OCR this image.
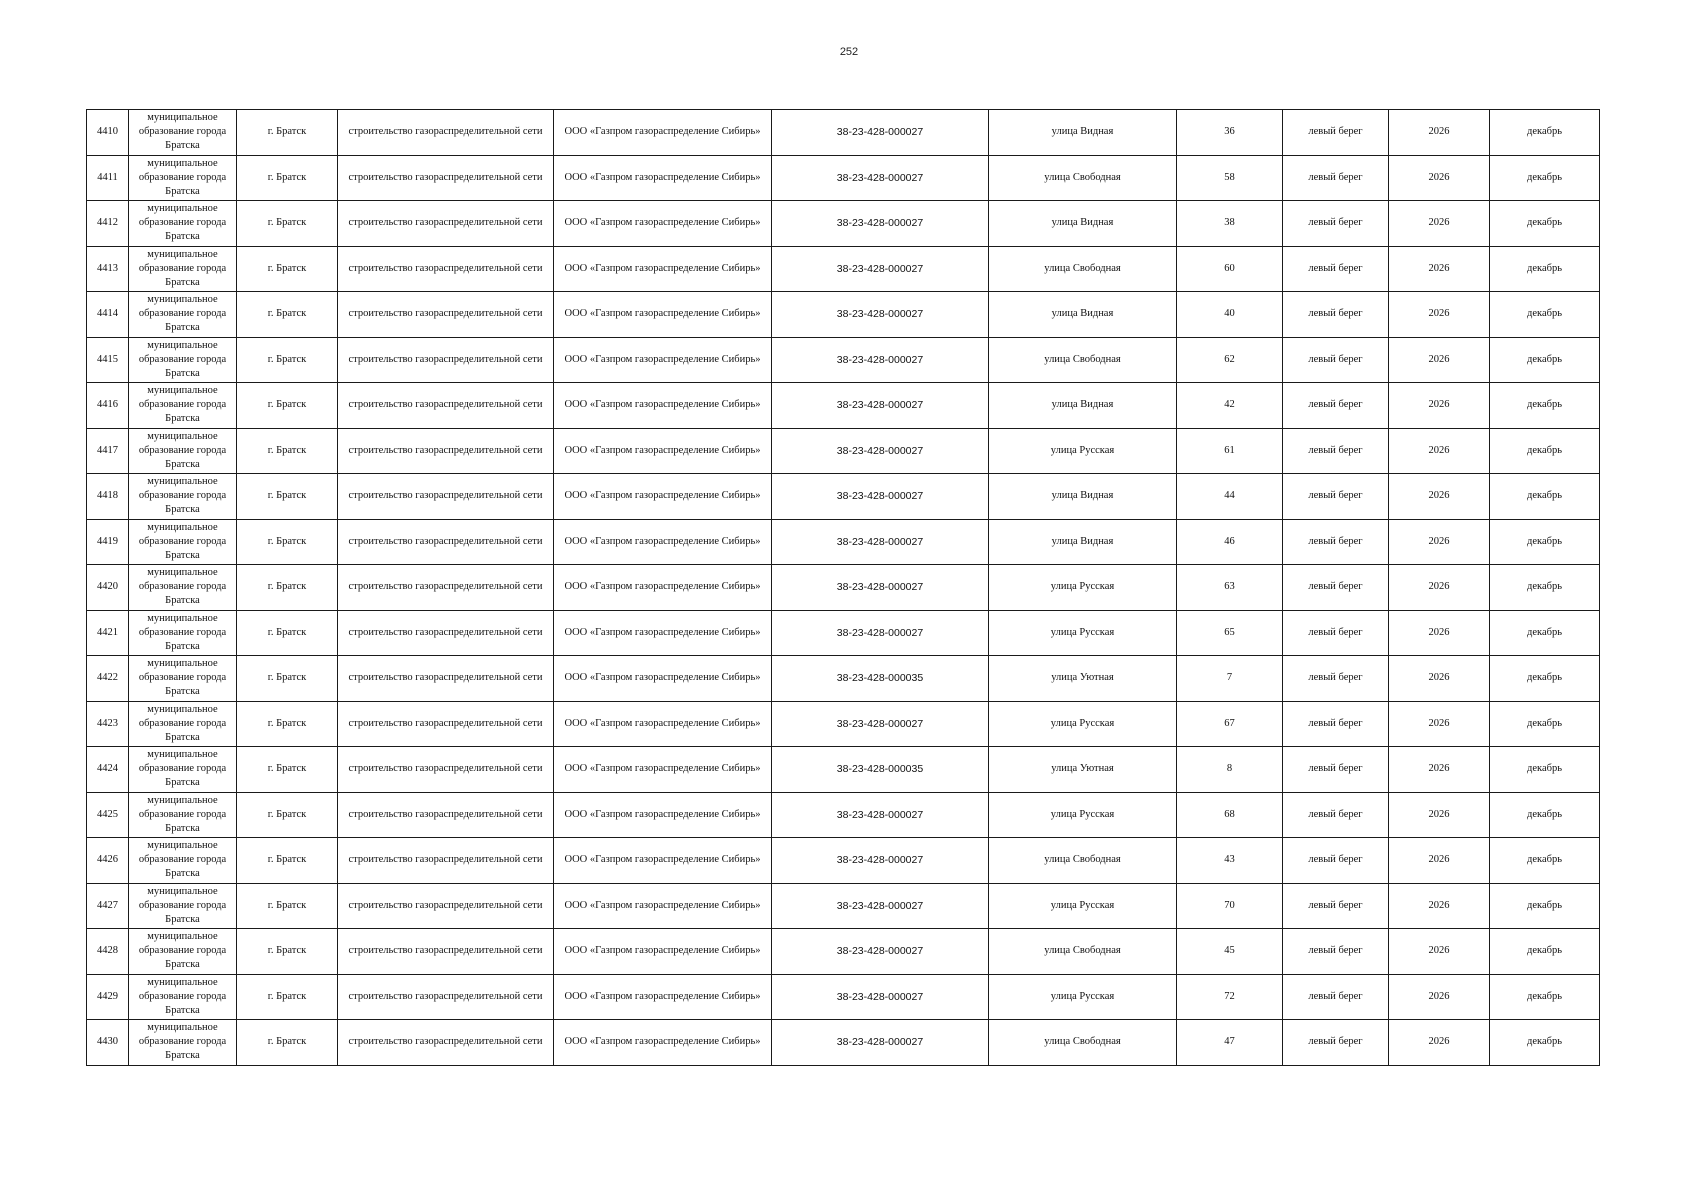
252
4410	муниципальное образование города Братска	г. Братск	строительство газораспределительной сети	ООО «Газпром газораспределение Сибирь»	38-23-428-000027	улица Видная	36	левый берег	2026	декабрь
4411	муниципальное образование города Братска	г. Братск	строительство газораспределительной сети	ООО «Газпром газораспределение Сибирь»	38-23-428-000027	улица Свободная	58	левый берег	2026	декабрь
4412	муниципальное образование города Братска	г. Братск	строительство газораспределительной сети	ООО «Газпром газораспределение Сибирь»	38-23-428-000027	улица Видная	38	левый берег	2026	декабрь
4413	муниципальное образование города Братска	г. Братск	строительство газораспределительной сети	ООО «Газпром газораспределение Сибирь»	38-23-428-000027	улица Свободная	60	левый берег	2026	декабрь
4414	муниципальное образование города Братска	г. Братск	строительство газораспределительной сети	ООО «Газпром газораспределение Сибирь»	38-23-428-000027	улица Видная	40	левый берег	2026	декабрь
4415	муниципальное образование города Братска	г. Братск	строительство газораспределительной сети	ООО «Газпром газораспределение Сибирь»	38-23-428-000027	улица Свободная	62	левый берег	2026	декабрь
4416	муниципальное образование города Братска	г. Братск	строительство газораспределительной сети	ООО «Газпром газораспределение Сибирь»	38-23-428-000027	улица Видная	42	левый берег	2026	декабрь
4417	муниципальное образование города Братска	г. Братск	строительство газораспределительной сети	ООО «Газпром газораспределение Сибирь»	38-23-428-000027	улица Русская	61	левый берег	2026	декабрь
4418	муниципальное образование города Братска	г. Братск	строительство газораспределительной сети	ООО «Газпром газораспределение Сибирь»	38-23-428-000027	улица Видная	44	левый берег	2026	декабрь
4419	муниципальное образование города Братска	г. Братск	строительство газораспределительной сети	ООО «Газпром газораспределение Сибирь»	38-23-428-000027	улица Видная	46	левый берег	2026	декабрь
4420	муниципальное образование города Братска	г. Братск	строительство газораспределительной сети	ООО «Газпром газораспределение Сибирь»	38-23-428-000027	улица Русская	63	левый берег	2026	декабрь
4421	муниципальное образование города Братска	г. Братск	строительство газораспределительной сети	ООО «Газпром газораспределение Сибирь»	38-23-428-000027	улица Русская	65	левый берег	2026	декабрь
4422	муниципальное образование города Братска	г. Братск	строительство газораспределительной сети	ООО «Газпром газораспределение Сибирь»	38-23-428-000035	улица Уютная	7	левый берег	2026	декабрь
4423	муниципальное образование города Братска	г. Братск	строительство газораспределительной сети	ООО «Газпром газораспределение Сибирь»	38-23-428-000027	улица Русская	67	левый берег	2026	декабрь
4424	муниципальное образование города Братска	г. Братск	строительство газораспределительной сети	ООО «Газпром газораспределение Сибирь»	38-23-428-000035	улица Уютная	8	левый берег	2026	декабрь
4425	муниципальное образование города Братска	г. Братск	строительство газораспределительной сети	ООО «Газпром газораспределение Сибирь»	38-23-428-000027	улица Русская	68	левый берег	2026	декабрь
4426	муниципальное образование города Братска	г. Братск	строительство газораспределительной сети	ООО «Газпром газораспределение Сибирь»	38-23-428-000027	улица Свободная	43	левый берег	2026	декабрь
4427	муниципальное образование города Братска	г. Братск	строительство газораспределительной сети	ООО «Газпром газораспределение Сибирь»	38-23-428-000027	улица Русская	70	левый берег	2026	декабрь
4428	муниципальное образование города Братска	г. Братск	строительство газораспределительной сети	ООО «Газпром газораспределение Сибирь»	38-23-428-000027	улица Свободная	45	левый берег	2026	декабрь
4429	муниципальное образование города Братска	г. Братск	строительство газораспределительной сети	ООО «Газпром газораспределение Сибирь»	38-23-428-000027	улица Русская	72	левый берег	2026	декабрь
4430	муниципальное образование города Братска	г. Братск	строительство газораспределительной сети	ООО «Газпром газораспределение Сибирь»	38-23-428-000027	улица Свободная	47	левый берег	2026	декабрь
